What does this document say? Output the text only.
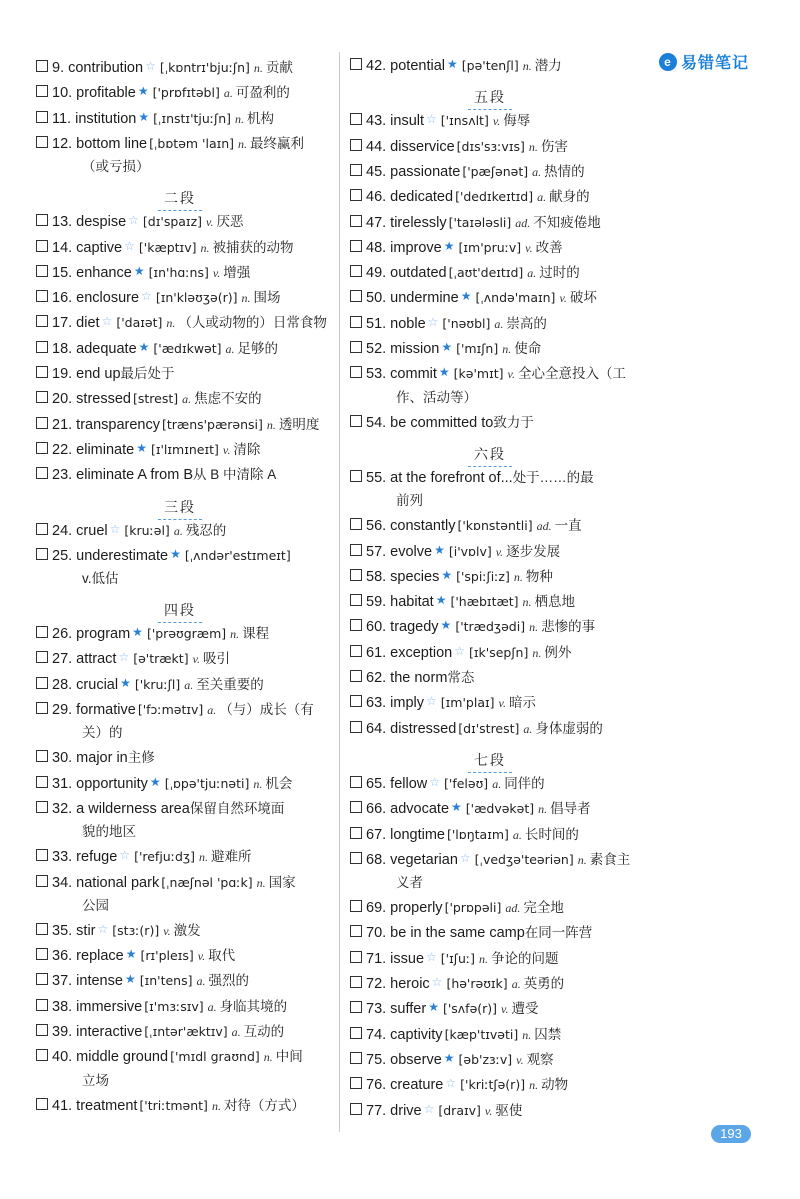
e 易错笔记
9. contribution ☆ [ˌkɒntrɪ'bjuːʃn] n. 贡献
10. profitable ★ ['prɒfɪtəbl] a. 可盈利的
11. institution ★ [ˌɪnstɪ'tjuːʃn] n. 机构
12. bottom line [ˌbɒtəm 'laɪn] n. 最终赢利
（或亏损）
二段
13. despise ☆ [dɪ'spaɪz] v. 厌恶
14. captive ☆ ['kæptɪv] n. 被捕获的动物
15. enhance ★ [ɪn'hɑːns] v. 增强
16. enclosure ☆ [ɪn'kləʊʒə(r)] n. 围场
17. diet ☆ ['daɪət] n. （人或动物的）日常食物
18. adequate ★ ['ædɪkwət] a. 足够的
19. end up最后处于
20. stressed [strest] a. 焦虑不安的
21. transparency [træns'pærənsi] n. 透明度
22. eliminate ★ [ɪ'lɪmɪneɪt] v. 清除
23. eliminate A from B从 B 中清除 A
三段
24. cruel ☆ [kruːəl] a. 残忍的
25. underestimate ★ [ˌʌndər'estɪmeɪt]
v.低估
四段
26. program ★ ['prəʊgræm] n. 课程
27. attract ☆ [ə'trækt] v. 吸引
28. crucial ★ ['kruːʃl] a. 至关重要的
29. formative ['fɔːmətɪv] a. （与）成长（有
关）的
30. major in主修
31. opportunity ★ [ˌɒpə'tjuːnəti] n. 机会
32. a wilderness area保留自然环境面
貌的地区
33. refuge ☆ ['refjuːdʒ] n. 避难所
34. national park [ˌnæʃnəl 'pɑːk] n. 国家
公园
35. stir ☆ [stɜː(r)] v. 激发
36. replace ★ [rɪ'pleɪs] v. 取代
37. intense ★ [ɪn'tens] a. 强烈的
38. immersive [ɪ'mɜːsɪv] a. 身临其境的
39. interactive [ˌɪntər'æktɪv] a. 互动的
40. middle ground ['mɪdl graʊnd] n. 中间
立场
41. treatment ['triːtmənt] n. 对待（方式）
42. potential ★ [pə'tenʃl] n. 潜力
五段
43. insult ☆ ['ɪnsʌlt] v. 侮辱
44. disservice [dɪs'sɜːvɪs] n. 伤害
45. passionate ['pæʃənət] a. 热情的
46. dedicated ['dedɪkeɪtɪd] a. 献身的
47. tirelessly ['taɪələsli] ad. 不知疲倦地
48. improve ★ [ɪm'pruːv] v. 改善
49. outdated [ˌaʊt'deɪtɪd] a. 过时的
50. undermine ★ [ˌʌndə'maɪn] v. 破坏
51. noble ☆ ['nəʊbl] a. 崇高的
52. mission ★ ['mɪʃn] n. 使命
53. commit ★ [kə'mɪt] v. 全心全意投入（工
作、活动等）
54. be committed to致力于
六段
55. at the forefront of...处于……的最
前列
56. constantly ['kɒnstəntli] ad. 一直
57. evolve ★ [i'vɒlv] v. 逐步发展
58. species ★ ['spiːʃiːz] n. 物种
59. habitat ★ ['hæbɪtæt] n. 栖息地
60. tragedy ★ ['trædʒədi] n. 悲惨的事
61. exception ☆ [ɪk'sepʃn] n. 例外
62. the norm常态
63. imply ☆ [ɪm'plaɪ] v. 暗示
64. distressed [dɪ'strest] a. 身体虚弱的
七段
65. fellow ☆ ['feləʊ] a. 同伴的
66. advocate ★ ['ædvəkət] n. 倡导者
67. longtime ['lɒŋtaɪm] a. 长时间的
68. vegetarian ☆ [ˌvedʒə'teəriən] n. 素食主
义者
69. properly ['prɒpəli] ad. 完全地
70. be in the same camp在同一阵营
71. issue ☆ ['ɪʃuː] n. 争论的问题
72. heroic ☆ [hə'rəʊɪk] a. 英勇的
73. suffer ★ ['sʌfə(r)] v. 遭受
74. captivity [kæp'tɪvəti] n. 囚禁
75. observe ★ [əb'zɜːv] v. 观察
76. creature ☆ ['kriːtʃə(r)] n. 动物
77. drive ☆ [draɪv] v. 驱使
193
